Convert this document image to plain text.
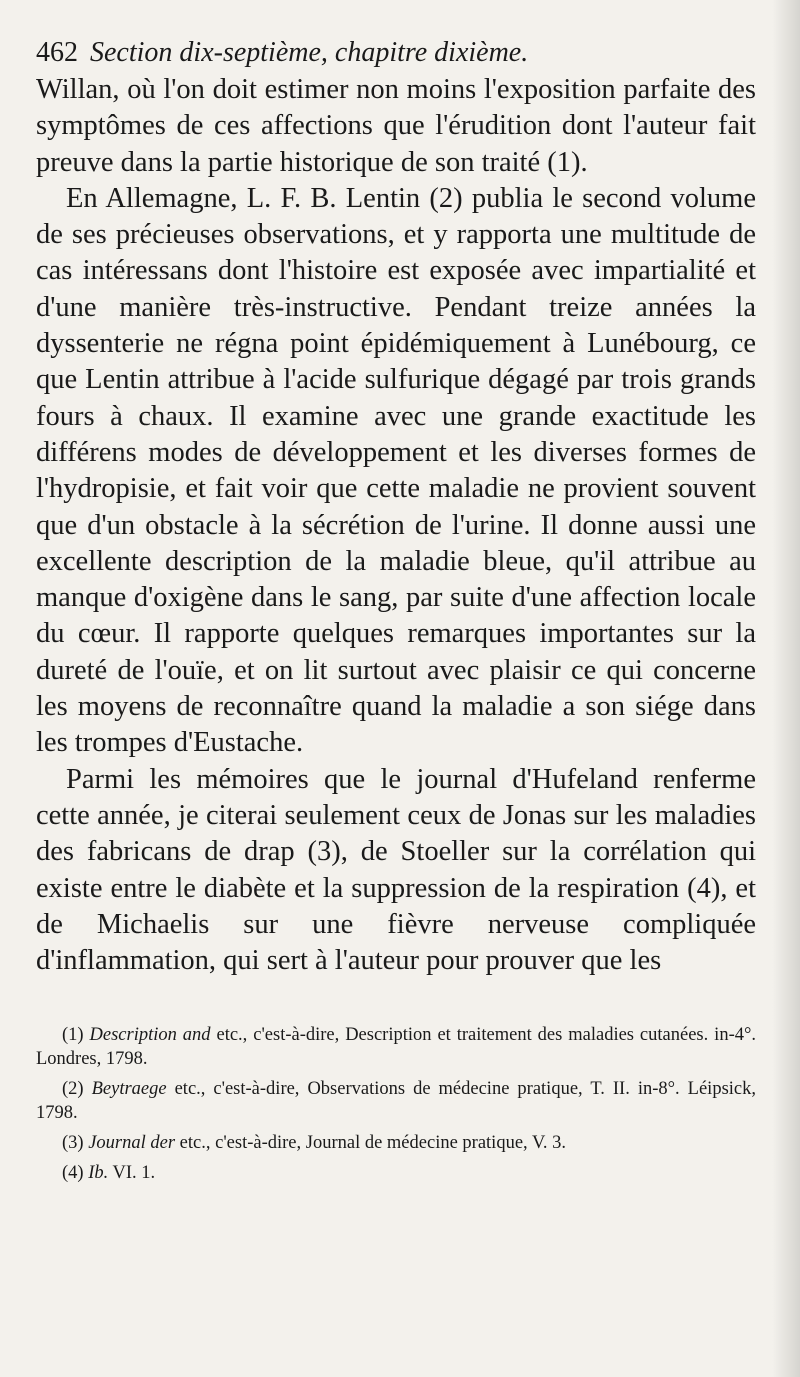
462 Section dix-septième, chapitre dixième.

Willan, où l'on doit estimer non moins l'exposition parfaite des symptômes de ces affections que l'érudition dont l'auteur fait preuve dans la partie historique de son traité (1).

En Allemagne, L. F. B. Lentin (2) publia le second volume de ses précieuses observations, et y rapporta une multitude de cas intéressans dont l'histoire est exposée avec impartialité et d'une manière très-instructive. Pendant treize années la dyssenterie ne régna point épidémiquement à Lunébourg, ce que Lentin attribue à l'acide sulfurique dégagé par trois grands fours à chaux. Il examine avec une grande exactitude les différens modes de développement et les diverses formes de l'hydropisie, et fait voir que cette maladie ne provient souvent que d'un obstacle à la sécrétion de l'urine. Il donne aussi une excellente description de la maladie bleue, qu'il attribue au manque d'oxigène dans le sang, par suite d'une affection locale du cœur. Il rapporte quelques remarques importantes sur la dureté de l'ouïe, et on lit surtout avec plaisir ce qui concerne les moyens de reconnaître quand la maladie a son siége dans les trompes d'Eustache.

Parmi les mémoires que le journal d'Hufeland renferme cette année, je citerai seulement ceux de Jonas sur les maladies des fabricans de drap (3), de Stoeller sur la corrélation qui existe entre le diabète et la suppression de la respiration (4), et de Michaelis sur une fièvre nerveuse compliquée d'inflammation, qui sert à l'auteur pour prouver que les

(1) Description and etc., c'est-à-dire, Description et traitement des maladies cutanées. in-4°. Londres, 1798.

(2) Beytraege etc., c'est-à-dire, Observations de médecine pratique, T. II. in-8°. Léipsick, 1798.

(3) Journal der etc., c'est-à-dire, Journal de médecine pratique, V. 3.

(4) Ib. VI. 1.
